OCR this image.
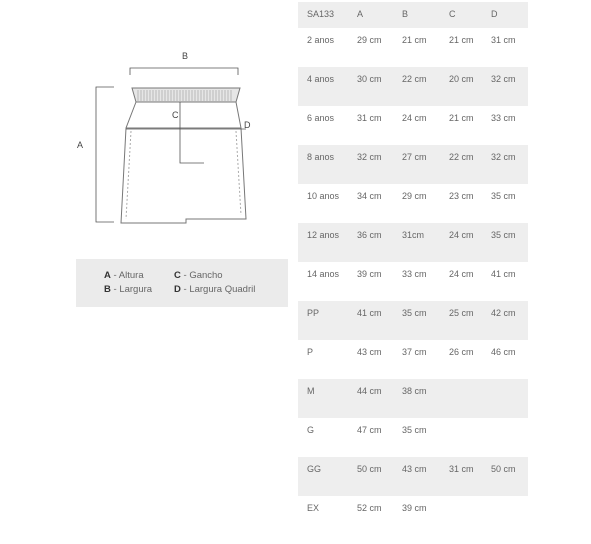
B
A
C
D
A - Altura
B - Largura
C - Gancho
D - Largura Quadril
SA133	A	B	C	D
2 anos	29 cm	21 cm	21 cm	31 cm
4 anos	30 cm	22 cm	20 cm	32 cm
6 anos	31 cm	24 cm	21 cm	33 cm
8 anos	32 cm	27 cm	22 cm	32 cm
10 anos	34 cm	29 cm	23 cm	35 cm
12 anos	36 cm	31cm	24 cm	35 cm
14 anos	39 cm	33 cm	24 cm	41 cm
PP	41 cm	35 cm	25 cm	42 cm
P	43 cm	37 cm	26 cm	46 cm
M	44 cm	38 cm		
G	47 cm	35 cm		
GG	50 cm	43 cm	31 cm	50 cm
EX	52 cm	39 cm		
